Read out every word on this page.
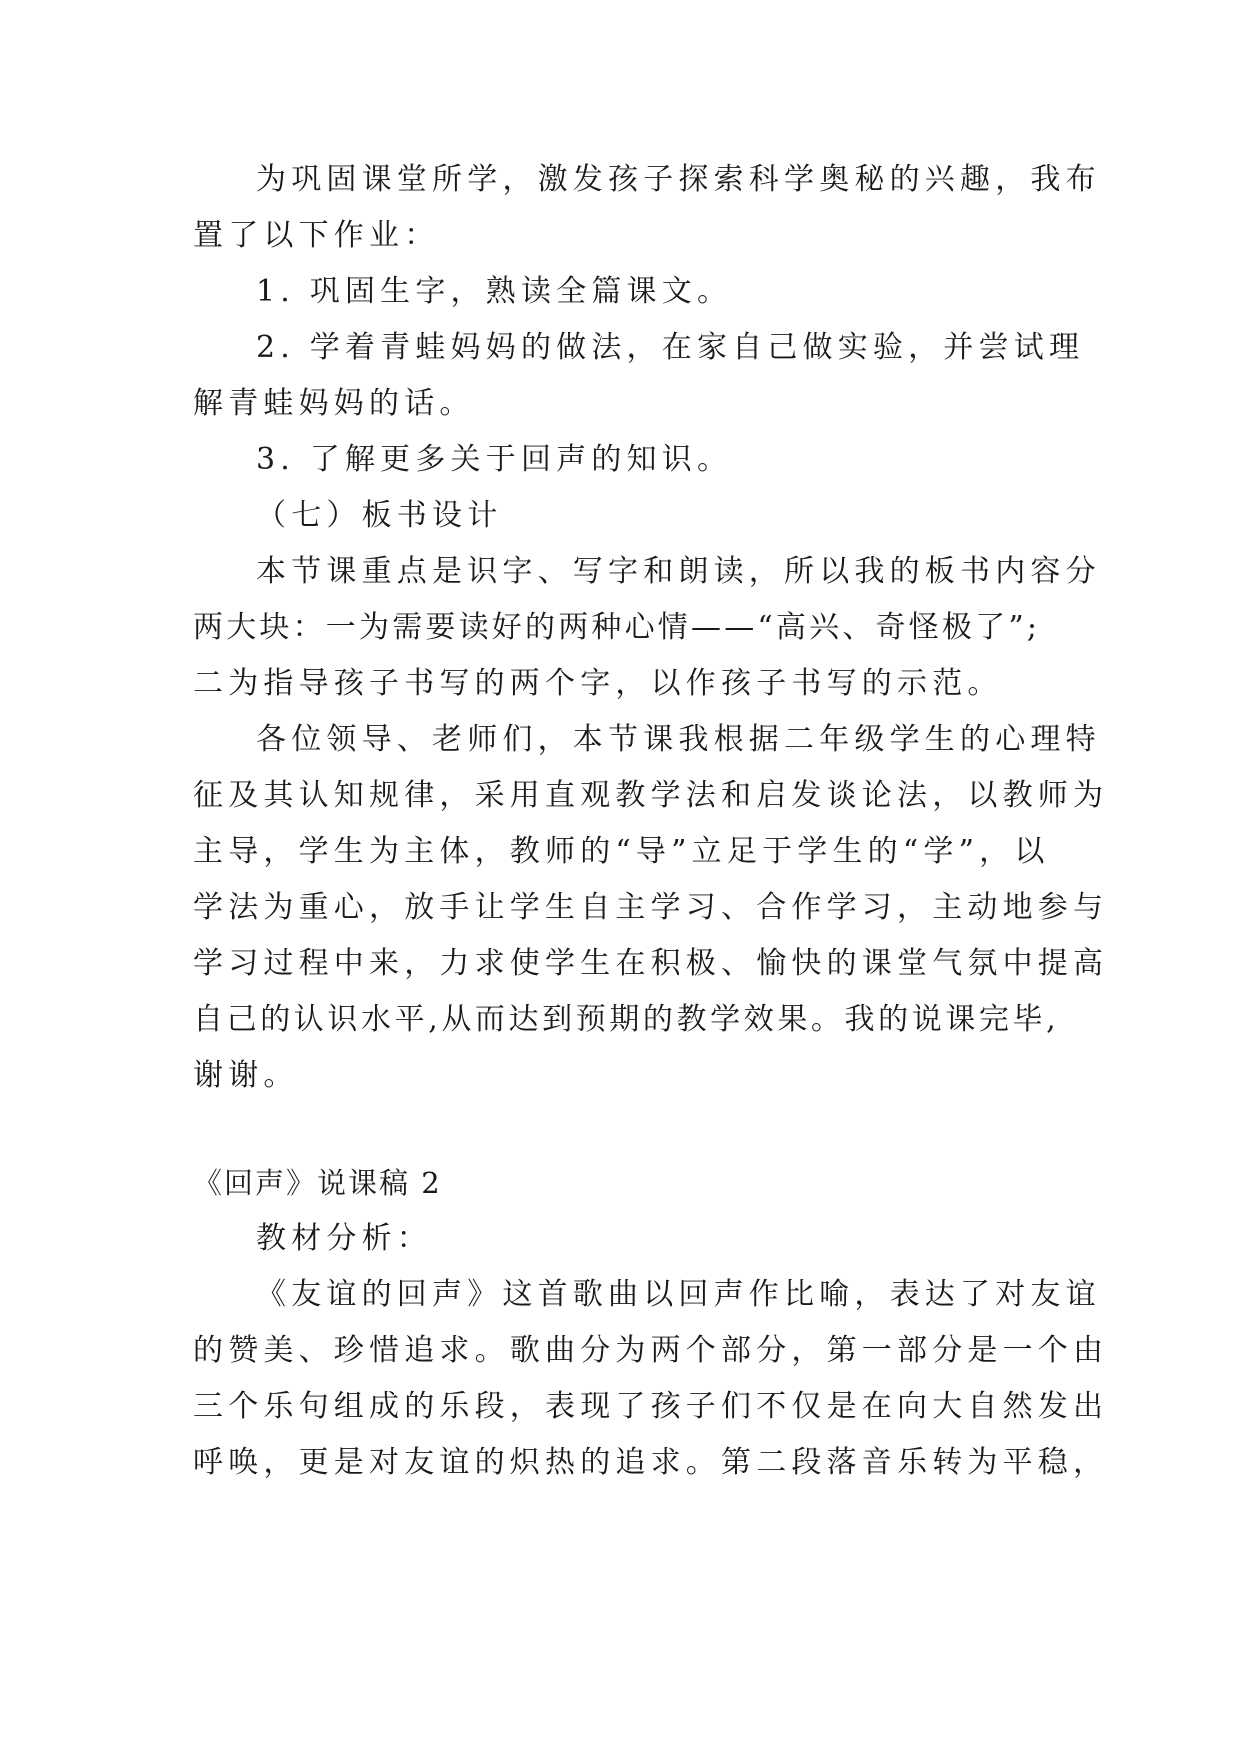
为巩固课堂所学，激发孩子探索科学奥秘的兴趣，我布
置了以下作业：
1. 巩固生字，熟读全篇课文。
2. 学着青蛙妈妈的做法，在家自己做实验，并尝试理
解青蛙妈妈的话。
3. 了解更多关于回声的知识。
（七）板书设计
本节课重点是识字、写字和朗读，所以我的板书内容分
两大块：一为需要读好的两种心情——“高兴、奇怪极了”;
二为指导孩子书写的两个字，以作孩子书写的示范。
各位领导、老师们，本节课我根据二年级学生的心理特
征及其认知规律，采用直观教学法和启发谈论法，以教师为
主导，学生为主体，教师的“导”立足于学生的“学”，以
学法为重心，放手让学生自主学习、合作学习，主动地参与
学习过程中来，力求使学生在积极、愉快的课堂气氛中提高
自己的认识水平,从而达到预期的教学效果。我的说课完毕,
谢谢。
《回声》说课稿 2
教材分析：
《友谊的回声》这首歌曲以回声作比喻，表达了对友谊
的赞美、珍惜追求。歌曲分为两个部分，第一部分是一个由
三个乐句组成的乐段，表现了孩子们不仅是在向大自然发出
呼唤，更是对友谊的炽热的追求。第二段落音乐转为平稳，
